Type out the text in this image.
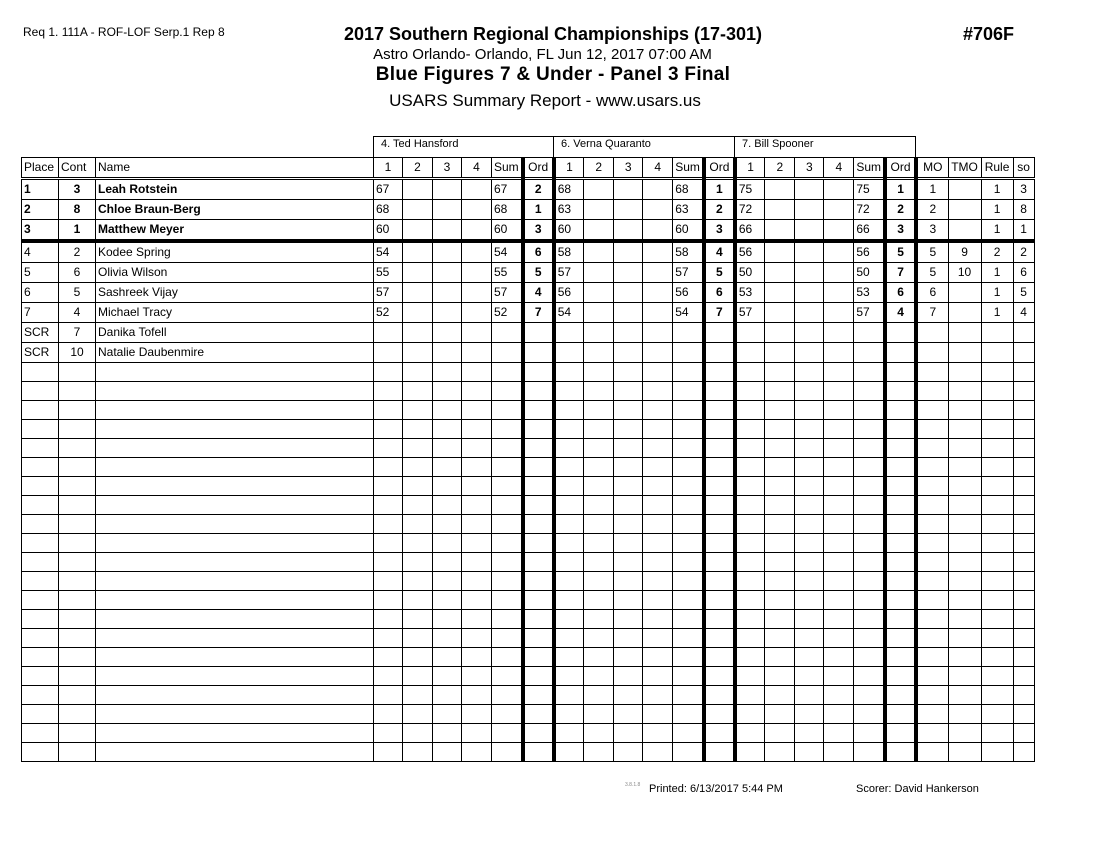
Req 1. 111A - ROF-LOF Serp.1 Rep 8	2017 Southern Regional Championships (17-301)	#706F
Astro Orlando- Orlando, FL Jun 12, 2017 07:00 AM
Blue Figures 7 & Under - Panel 3 Final
USARS Summary Report - www.usars.us
4. Ted Hansford	6. Verna Quaranto	7. Bill Spooner
Place	Cont	Name	1	2	3	4	Sum	Ord	1	2	3	4	Sum	Ord	1	2	3	4	Sum	Ord	MO	TMO	Rule	so
1	3	Leah Rotstein	67				67	2	68				68	1	75				75	1	1		1	3
2	8	Chloe Braun-Berg	68				68	1	63				63	2	72				72	2	2		1	8
3	1	Matthew Meyer	60				60	3	60				60	3	66				66	3	3		1	1
4	2	Kodee Spring	54				54	6	58				58	4	56				56	5	5	9	2	2
5	6	Olivia Wilson	55				55	5	57				57	5	50				50	7	5	10	1	6
6	5	Sashreek Vijay	57				57	4	56				56	6	53				53	6	6		1	5
7	4	Michael Tracy	52				52	7	54				54	7	57				57	4	7		1	4
SCR	7	Danika Tofell																						
SCR	10	Natalie Daubenmire																						

3.8.1.8 Printed: 6/13/2017 5:44 PM	Scorer: David Hankerson
